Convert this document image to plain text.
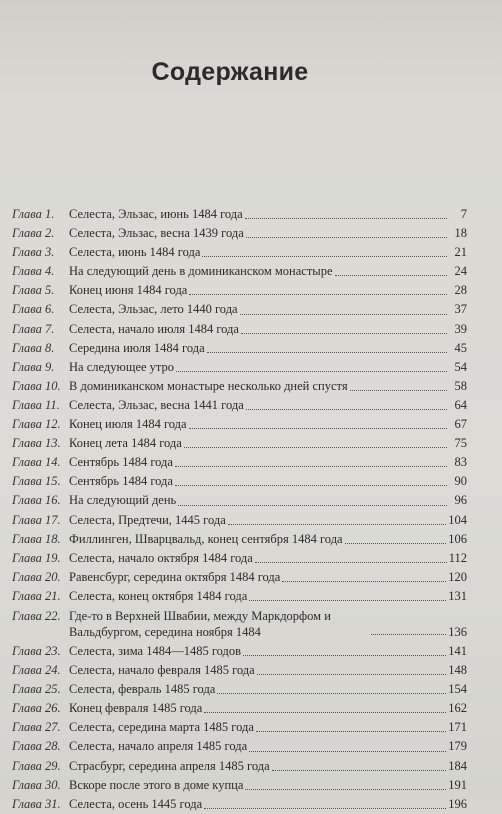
Содержание
Глава 1.	Селеста, Эльзас, июнь 1484 года	7
Глава 2.	Селеста, Эльзас, весна 1439 года	18
Глава 3.	Селеста, июнь 1484 года	21
Глава 4.	На следующий день в доминиканском монастыре	24
Глава 5.	Конец июня 1484 года	28
Глава 6.	Селеста, Эльзас, лето 1440 года	37
Глава 7.	Селеста, начало июля 1484 года	39
Глава 8.	Середина июля 1484 года	45
Глава 9.	На следующее утро	54
Глава 10. В доминиканском монастыре несколько дней спустя	58
Глава 11. Селеста, Эльзас, весна 1441 года	64
Глава 12. Конец июля 1484 года	67
Глава 13. Конец лета 1484 года	75
Глава 14. Сентябрь 1484 года	83
Глава 15. Сентябрь 1484 года	90
Глава 16. На следующий день	96
Глава 17. Селеста, Предтечи, 1445 года	104
Глава 18. Филлинген, Шварцвальд, конец сентября 1484 года	106
Глава 19. Селеста, начало октября 1484 года	112
Глава 20. Равенсбург, середина октября 1484 года	120
Глава 21. Селеста, конец октября 1484 года	131
Глава 22. Где-то в Верхней Швабии, между Маркдорфом и Вальдбургом, середина ноября 1484	136
Глава 23. Селеста, зима 1484—1485 годов	141
Глава 24. Селеста, начало февраля 1485 года	148
Глава 25. Селеста, февраль 1485 года	154
Глава 26. Конец февраля 1485 года	162
Глава 27. Селеста, середина марта 1485 года	171
Глава 28. Селеста, начало апреля 1485 года	179
Глава 29. Страсбург, середина апреля 1485 года	184
Глава 30. Вскоре после этого в доме купца	191
Глава 31. Селеста, осень 1445 года	196
